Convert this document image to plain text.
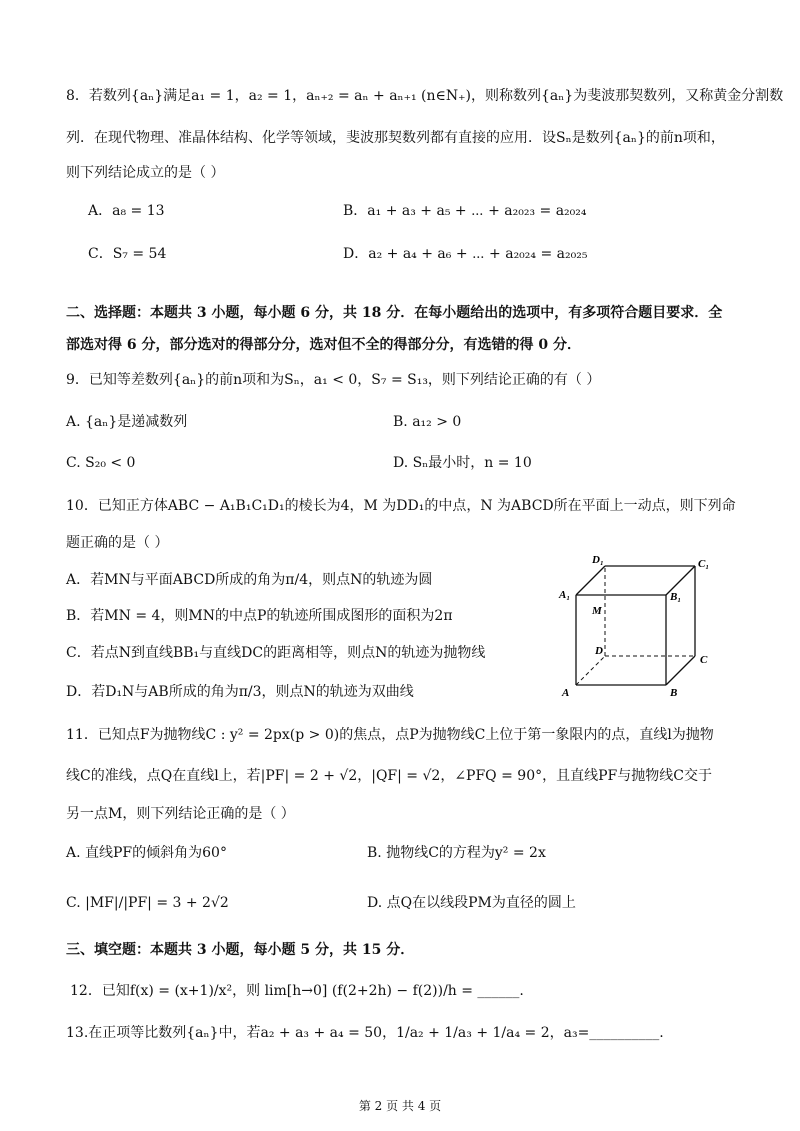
8．若数列{aₙ}满足a₁ = 1，a₂ = 1，aₙ₊₂ = aₙ + aₙ₊₁ (n∈N₊)，则称数列{aₙ}为斐波那契数列，又称黄金分割数
列．在现代物理、准晶体结构、化学等领域，斐波那契数列都有直接的应用．设Sₙ是数列{aₙ}的前n项和，
则下列结论成立的是（ ）
A．a₈ = 13	B．a₁ + a₃ + a₅ + ⋯ + a₂₀₂₃ = a₂₀₂₄
C．S₇ = 54	D．a₂ + a₄ + a₆ + ⋯ + a₂₀₂₄ = a₂₀₂₅
二、选择题：本题共 3 小题，每小题 6 分，共 18 分．在每小题给出的选项中，有多项符合题目要求．全
部选对得 6 分，部分选对的得部分分，选对但不全的得部分分，有选错的得 0 分．
9．已知等差数列{aₙ}的前n项和为Sₙ，a₁ < 0，S₇ = S₁₃，则下列结论正确的有（ ）
A. {aₙ}是递减数列	B. a₁₂ > 0
C. S₂₀ < 0	D. Sₙ最小时，n = 10
10．已知正方体ABC − A₁B₁C₁D₁的棱长为4，M 为DD₁的中点，N 为ABCD所在平面上一动点，则下列命
题正确的是（ ）
A．若MN与平面ABCD所成的角为π/4，则点N的轨迹为圆
B．若MN = 4，则MN的中点P的轨迹所围成图形的面积为2π
C．若点N到直线BB₁与直线DC的距离相等，则点N的轨迹为抛物线
D．若D₁N与AB所成的角为π/3，则点N的轨迹为双曲线
D₁	C₁
A₁	B₁
M
D
C
A	B
11．已知点F为抛物线C : y² = 2px(p > 0)的焦点，点P为抛物线C上位于第一象限内的点，直线l为抛物
线C的准线，点Q在直线l上，若|PF| = 2 + √2，|QF| = √2，∠PFQ = 90°，且直线PF与抛物线C交于
另一点M，则下列结论正确的是（ ）
A. 直线PF的倾斜角为60°	B. 抛物线C的方程为y² = 2x
C. |MF|/|PF| = 3 + 2√2	D. 点Q在以线段PM为直径的圆上
三、填空题：本题共 3 小题，每小题 5 分，共 15 分．
12．已知f(x) = (x+1)/x²，则 lim[h→0] (f(2+2h) − f(2))/h = ______.
13.在正项等比数列{aₙ}中，若a₂ + a₃ + a₄ = 50，1/a₂ + 1/a₃ + 1/a₄ = 2，a₃=__________.
第 2 页 共 4 页
